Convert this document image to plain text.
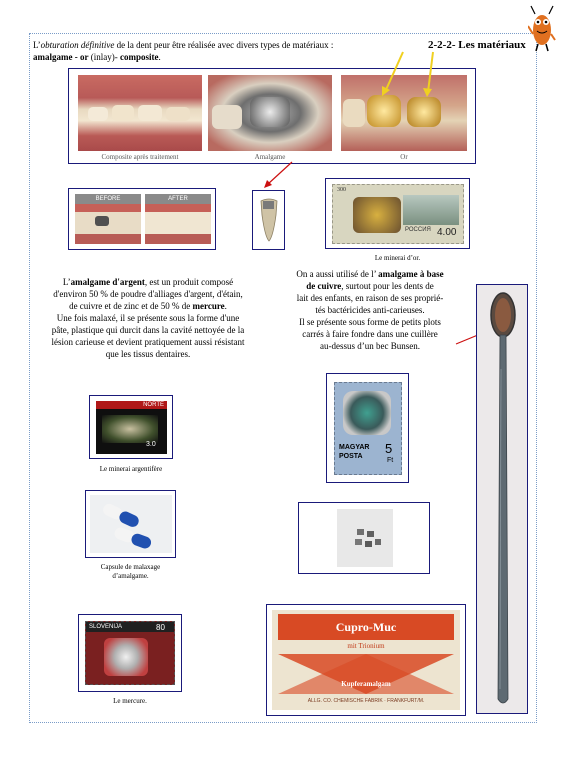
2-2-2- Les matériaux
L’obturation définitive de la dent peur être réalisée avec divers types de matériaux :
amalgame - or (inlay)- composite.
Composite après traitement	Amalgame	Or
BEFORE	AFTER
300
РОССИЯ 4.00
Le minerai d’or.
L’amalgame d'argent, est un produit composé
d'environ 50 % de poudre d'alliages d'argent, d'étain,
de cuivre et de zinc et de 50 % de mercure.
Une fois malaxé, il se présente sous la forme d'une
pâte, plastique qui durcit dans la cavité nettoyée de la
lésion carieuse et devient pratiquement aussi résistant
que les tissus dentaires.
On a aussi utilisé de l’ amalgame à base
de cuivre, surtout pour les dents de
lait des enfants, en raison de ses proprié-
tés bactéricides anti-carieuses.
Il se présente sous forme de petits plots
carrés à faire fondre dans une cuillère
au-dessus d’un bec Bunsen.
NORTE
3.0
Le minerai argentifère
MAGYAR POSTA
5
Ft
Capsule de malaxage
d’amalgame.
SLOVENIJA	80
Le mercure.
Cupro-Muc
mit Trionium
Kupferamalgam
ALLG. CO. CHEMISCHE FABRIK · FRANKFURT/M.
